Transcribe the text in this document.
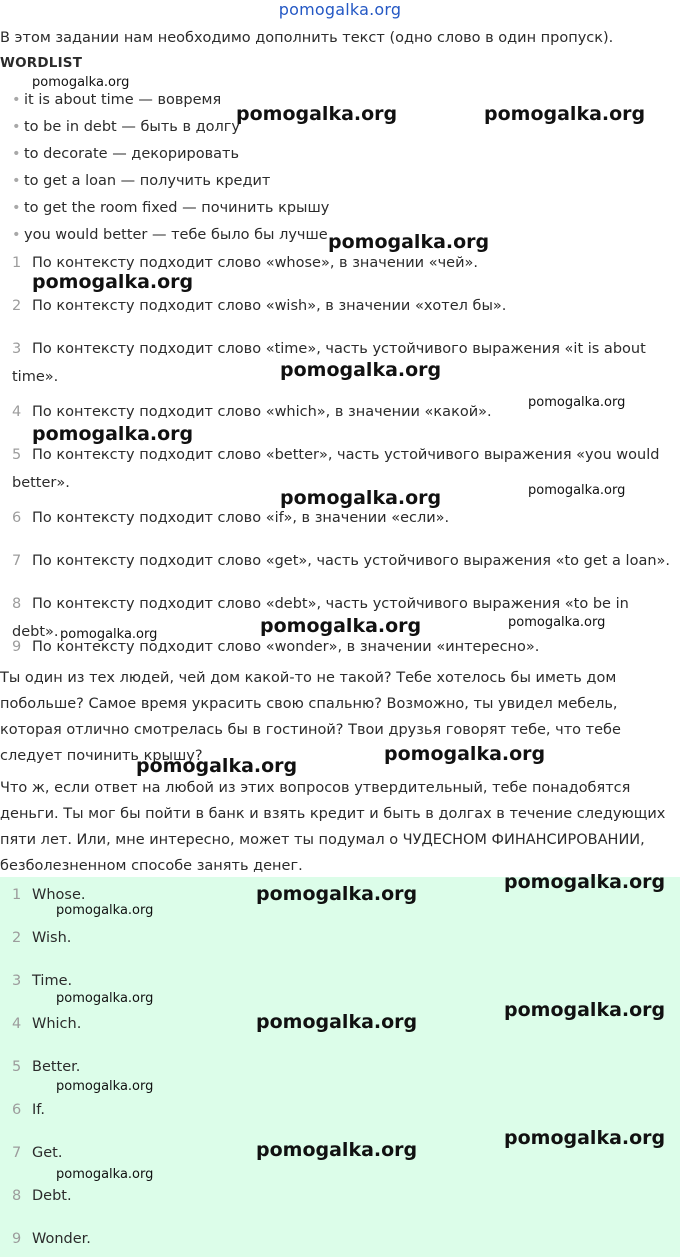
pomogalka.org
В этом задании нам необходимо дополнить текст (одно слово в один пропуск).
WORDLIST
• it is about time — вовремя
• to be in debt — быть в долгу
• to decorate — декорировать
• to get a loan — получить кредит
• to get the room fixed — починить крышу
• you would better — тебе было бы лучше
1 По контексту подходит слово «whose», в значении «чей».
2 По контексту подходит слово «wish», в значении «хотел бы».
3 По контексту подходит слово «time», часть устойчивого выражения «it is about time».
4 По контексту подходит слово «which», в значении «какой».
5 По контексту подходит слово «better», часть устойчивого выражения «you would better».
6 По контексту подходит слово «if», в значении «если».
7 По контексту подходит слово «get», часть устойчивого выражения «to get a loan».
8 По контексту подходит слово «debt», часть устойчивого выражения «to be in debt».
9 По контексту подходит слово «wonder», в значении «интересно».
Ты один из тех людей, чей дом какой-то не такой? Тебе хотелось бы иметь дом побольше? Самое время украсить свою спальню? Возможно, ты увидел мебель, которая отлично смотрелась бы в гостиной? Твои друзья говорят тебе, что тебе следует починить крышу?
Что ж, если ответ на любой из этих вопросов утвердительный, тебе понадобятся деньги. Ты мог бы пойти в банк и взять кредит и быть в долгах в течение следующих пяти лет. Или, мне интересно, может ты подумал о ЧУДЕСНОМ ФИНАНСИРОВАНИИ, безболезненном способе занять денег.
1 Whose.
2 Wish.
3 Time.
4 Which.
5 Better.
6 If.
7 Get.
8 Debt.
9 Wonder.
pomogalka.org
pomogalka.org	pomogalka.org
pomogalka.org
pomogalka.org
pomogalka.org
pomogalka.org
pomogalka.org
pomogalka.org	pomogalka.org
pomogalka.org	pomogalka.org	pomogalka.org
pomogalka.org
pomogalka.org
pomogalka.org
pomogalka.org
pomogalka.org
pomogalka.org
pomogalka.org
pomogalka.org
pomogalka.org
pomogalka.org
pomogalka.org
pomogalka.org
